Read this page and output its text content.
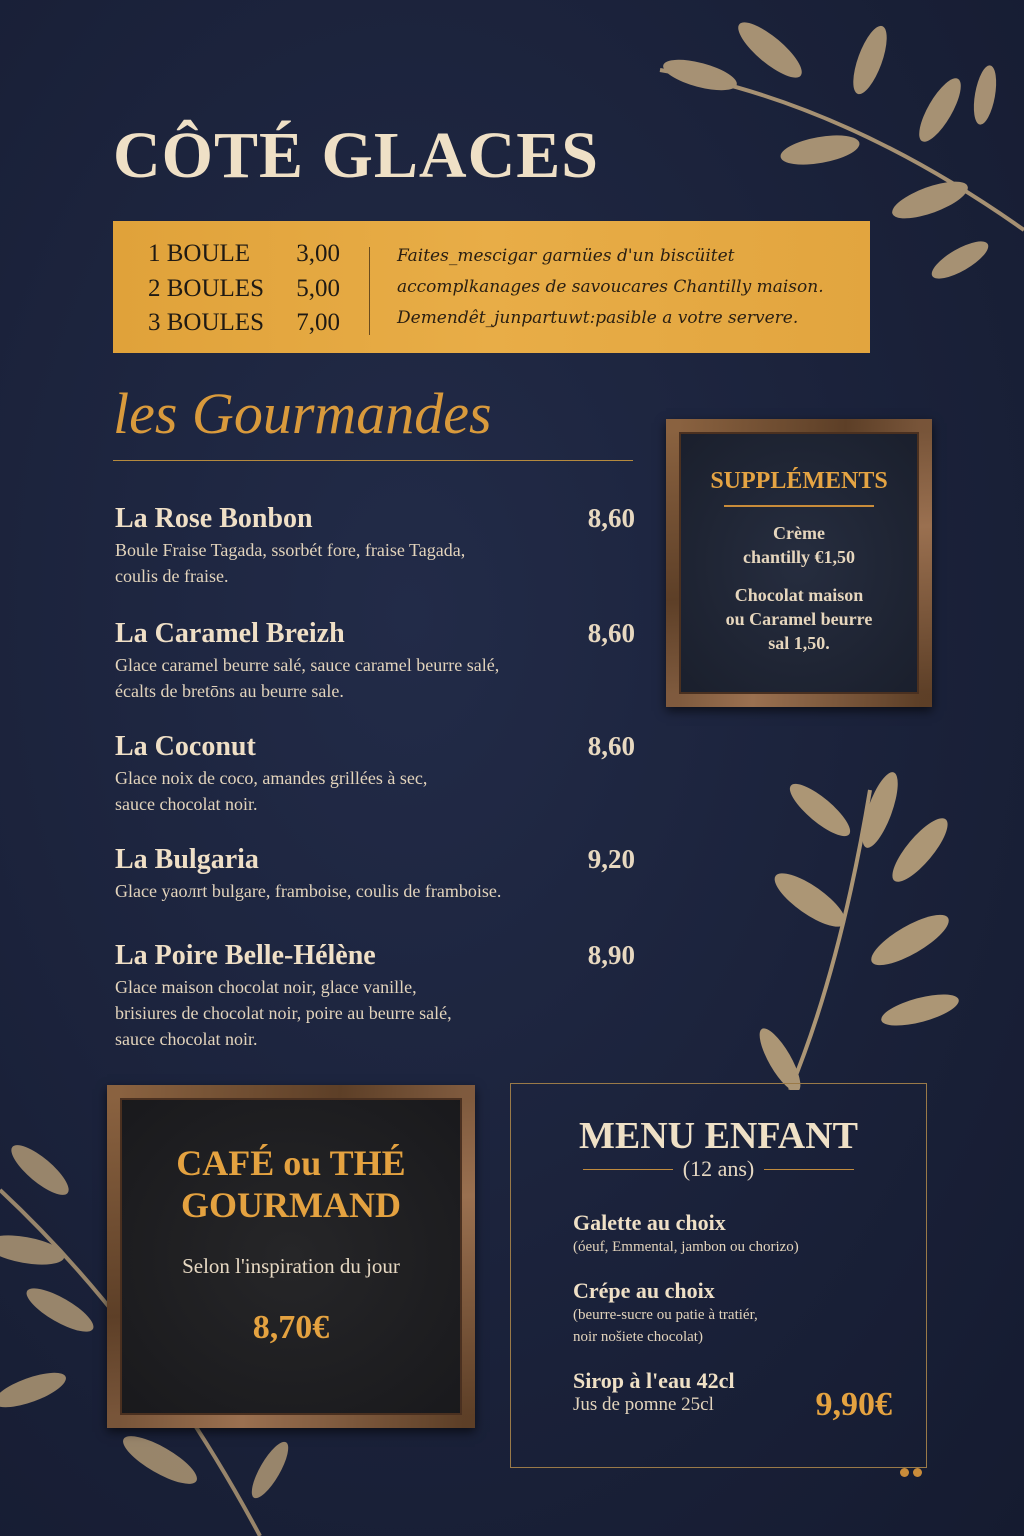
CÔTÉ GLACES
1 BOULE 3,00
2 BOULES 5,00
3 BOULES 7,00
Faites_mescigar garnües d'un biscüitet
accomplkanages de savoucares Chantilly maison.
Demendêt_junpartuwt:pasible a votre servere.
les Gourmandes
La Rose Bonbon	8,60
Boule Fraise Tagada, ssorbét fore, fraise Tagada,
coulis de fraise.
La Caramel Breizh	8,60
Glace caramel beurre salé, sauce caramel beurre salé,
écalts de bretōns au beurre sale.
La Coconut	8,60
Glace noix de coco, amandes grillées à sec,
sauce chocolat noir.
La Bulgaria	9,20
Glace yaoлrt bulgare, framboise, coulis de framboise.
La Poire Belle-Hélène	8,90
Glace maison chocolat noir, glace vanille,
brisiures de chocolat noir, poire au beurre salé,
sauce chocolat noir.
SUPPLÉMENTS

Crème
chantilly €1,50

Chocolat maison
ou Caramel beurre
sal 1,50.

CAFÉ ou THÉ
GOURMAND
Selon l'inspiration du jour
8,70€
MENU ENFANT
(12 ans)
Galette au choix
(óeuf, Emmental, jambon ou chorizo)
Crépe au choix
(beurre-sucre ou patie à tratiér,
noir nošiete chocolat)
Sirop à l'eau 42cl
Jus de pomne 25cl	9,90€
